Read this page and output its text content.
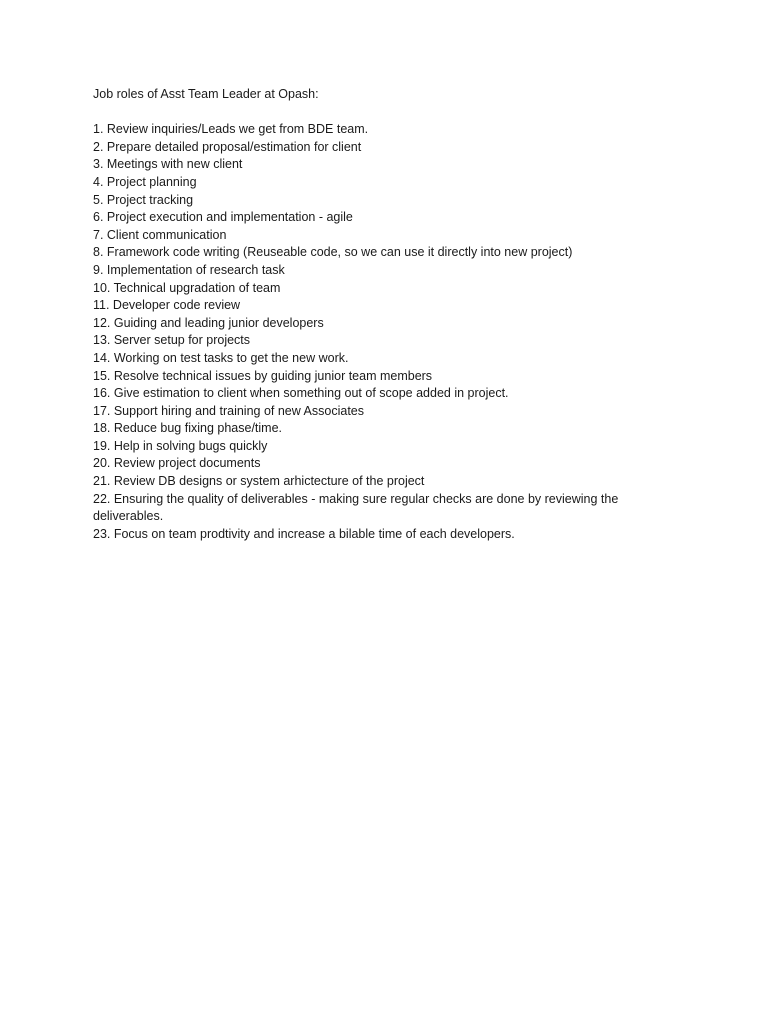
Job roles of Asst Team Leader at Opash:
1. Review inquiries/Leads we get from BDE team.
2. Prepare detailed proposal/estimation for client
3. Meetings with new client
4. Project planning
5. Project tracking
6. Project execution and implementation - agile
7. Client communication
8. Framework code writing (Reuseable code, so we can use it directly into new project)
9. Implementation of research task
10. Technical upgradation of team
11. Developer code review
12. Guiding and leading junior developers
13. Server setup for projects
14. Working on test tasks to get the new work.
15. Resolve technical issues by guiding junior team members
16. Give estimation to client when something out of scope added in project.
17. Support hiring and training of new Associates
18. Reduce bug fixing phase/time.
19. Help in solving bugs quickly
20. Review project documents
21. Review DB designs or system arhictecture of the project
22. Ensuring the quality of deliverables - making sure regular checks are done by reviewing the deliverables.
23. Focus on team prodtivity and increase a bilable time of each developers.
